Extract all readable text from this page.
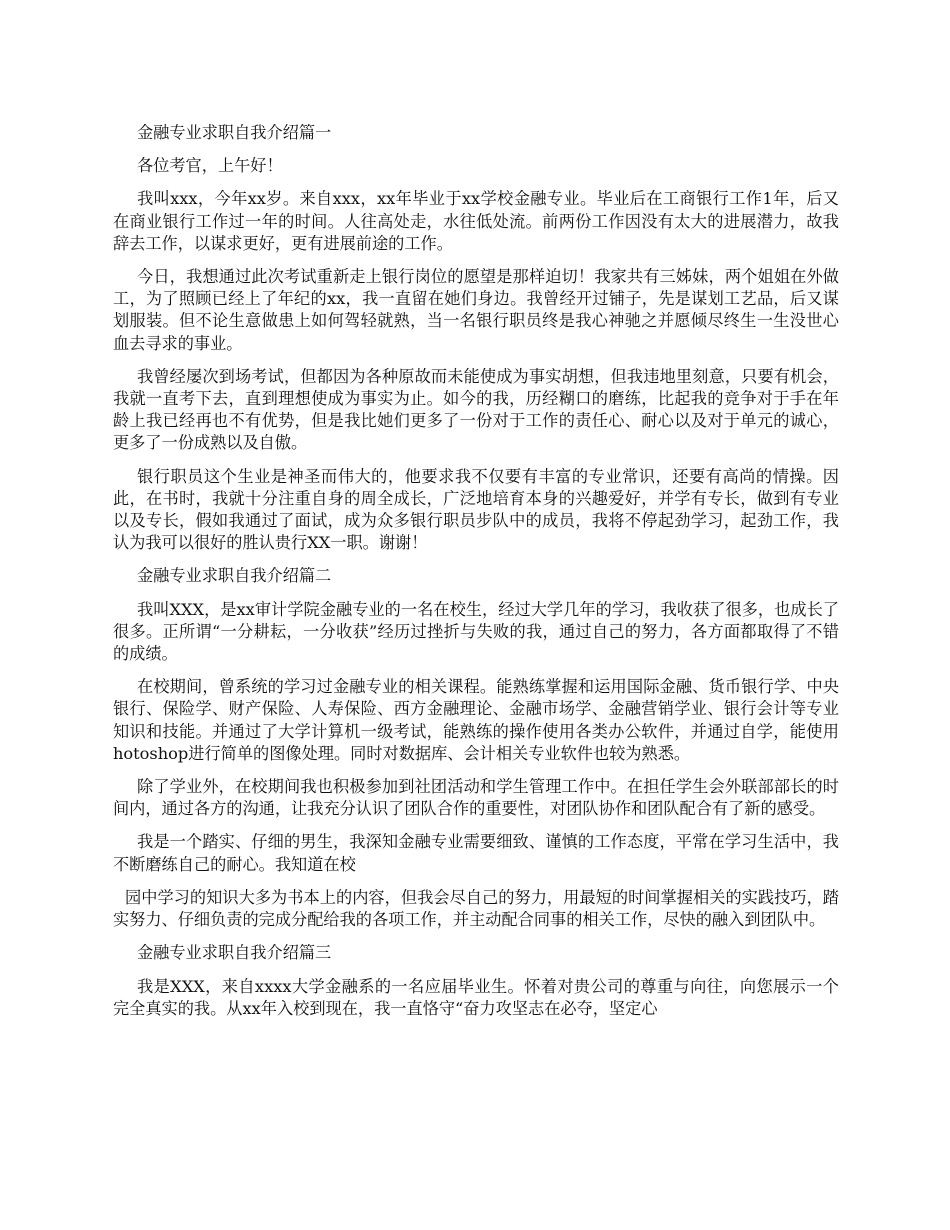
金融专业求职自我介绍篇一

各位考官，上午好！

我叫xxx，今年xx岁。来自xxx，xx年毕业于xx学校金融专业。毕业后在工商银行工作1年，后又在商业银行工作过一年的时间。人往高处走，水往低处流。前两份工作因没有太大的进展潜力，故我辞去工作，以谋求更好，更有进展前途的工作。

今日，我想通过此次考试重新走上银行岗位的愿望是那样迫切！我家共有三姊妹，两个姐姐在外做工，为了照顾已经上了年纪的xx，我一直留在她们身边。我曾经开过铺子，先是谋划工艺品，后又谋划服装。但不论生意做患上如何驾轻就熟，当一名银行职员终是我心神驰之并愿倾尽终生一生没世心血去寻求的事业。

我曾经屡次到场考试，但都因为各种原故而未能使成为事实胡想，但我违地里刻意，只要有机会，我就一直考下去，直到理想使成为事实为止。如今的我，历经糊口的磨练，比起我的竞争对于手在年龄上我已经再也不有优势，但是我比她们更多了一份对于工作的责任心、耐心以及对于单元的诚心，更多了一份成熟以及自傲。

银行职员这个生业是神圣而伟大的，他要求我不仅要有丰富的专业常识，还要有高尚的情操。因此，在书时，我就十分注重自身的周全成长，广泛地培育本身的兴趣爱好，并学有专长，做到有专业以及专长，假如我通过了面试，成为众多银行职员步队中的成员，我将不停起劲学习，起劲工作，我认为我可以很好的胜认贵行XX一职。谢谢！

金融专业求职自我介绍篇二

我叫XXX，是xx审计学院金融专业的一名在校生，经过大学几年的学习，我收获了很多，也成长了很多。正所谓“一分耕耘，一分收获”经历过挫折与失败的我，通过自己的努力，各方面都取得了不错的成绩。

在校期间，曾系统的学习过金融专业的相关课程。能熟练掌握和运用国际金融、货币银行学、中央银行、保险学、财产保险、人寿保险、西方金融理论、金融市场学、金融营销学业、银行会计等专业知识和技能。并通过了大学计算机一级考试，能熟练的操作使用各类办公软件，并通过自学，能使用hotoshop进行简单的图像处理。同时对数据库、会计相关专业软件也较为熟悉。

除了学业外，在校期间我也积极参加到社团活动和学生管理工作中。在担任学生会外联部部长的时间内，通过各方的沟通，让我充分认识了团队合作的重要性，对团队协作和团队配合有了新的感受。

我是一个踏实、仔细的男生，我深知金融专业需要细致、谨慎的工作态度，平常在学习生活中，我不断磨练自己的耐心。我知道在校

园中学习的知识大多为书本上的内容，但我会尽自己的努力，用最短的时间掌握相关的实践技巧，踏实努力、仔细负责的完成分配给我的各项工作，并主动配合同事的相关工作，尽快的融入到团队中。

金融专业求职自我介绍篇三

我是XXX，来自xxxx大学金融系的一名应届毕业生。怀着对贵公司的尊重与向往，向您展示一个完全真实的我。从xx年入校到现在，我一直恪守“奋力攻坚志在必夺，坚定心
